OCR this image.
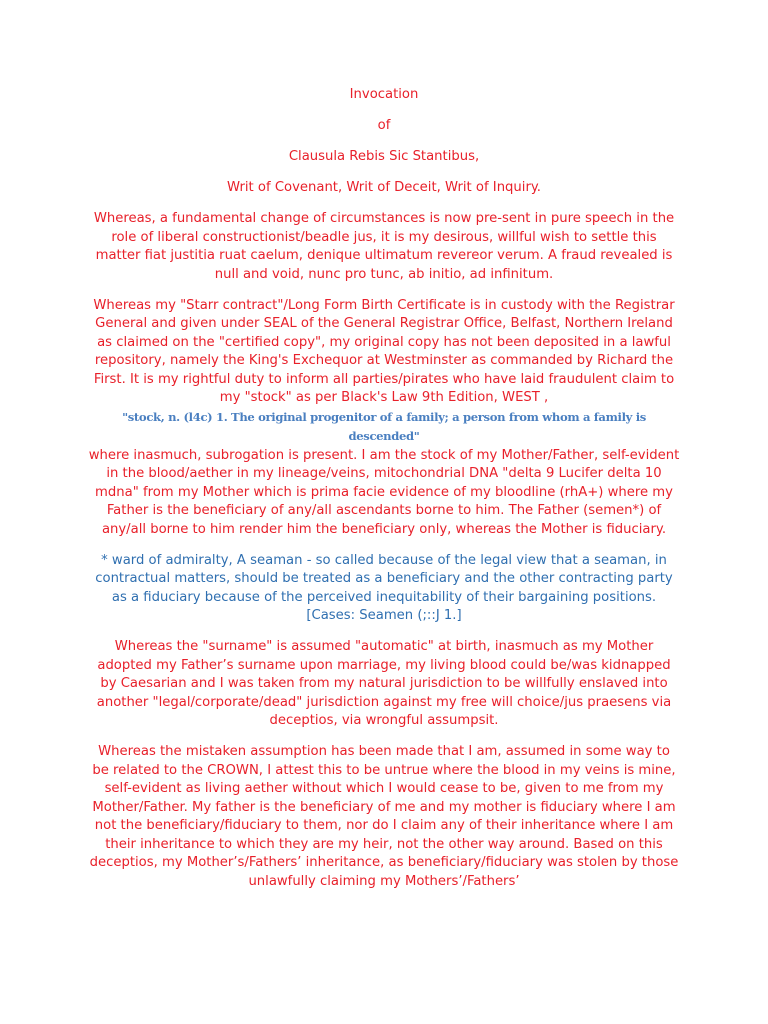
Invocation
of
Clausula Rebis Sic Stantibus,
Writ of Covenant, Writ of Deceit, Writ of Inquiry.
Whereas, a fundamental change of circumstances is now pre-sent in pure speech in the role of liberal constructionist/beadle jus, it is my desirous, willful wish to settle this matter fiat justitia ruat caelum, denique ultimatum revereor verum. A fraud revealed is null and void, nunc pro tunc, ab initio, ad infinitum.
Whereas my "Starr contract"/Long Form Birth Certificate is in custody with the Registrar General and given under SEAL of the General Registrar Office, Belfast, Northern Ireland as claimed on the "certified copy", my original copy has not been deposited in a lawful repository, namely the King's Exchequor at Westminster as commanded by Richard the First. It is my rightful duty to inform all parties/pirates who have laid fraudulent claim to my "stock" as per Black's Law 9th Edition, WEST ,
"stock, n. (l4c) 1. The original progenitor of a family; a person from whom a family is descended"
where inasmuch, subrogation is present. I am the stock of my Mother/Father, self-evident in the blood/aether in my lineage/veins, mitochondrial DNA "delta 9 Lucifer delta 10 mdna" from my Mother which is prima facie evidence of my bloodline (rhA+) where my Father is the beneficiary of any/all ascendants borne to him. The Father (semen*) of any/all borne to him render him the beneficiary only, whereas the Mother is fiduciary.
* ward of admiralty, A seaman - so called because of the legal view that a seaman, in contractual matters, should be treated as a beneficiary and the other contracting party as a fiduciary because of the perceived inequitability of their bargaining positions. [Cases: Seamen (;::J 1.]
Whereas the "surname" is assumed "automatic" at birth, inasmuch as my Mother adopted my Father’s surname upon marriage, my living blood could be/was kidnapped by Caesarian and I was taken from my natural jurisdiction to be willfully enslaved into another "legal/corporate/dead" jurisdiction against my free will choice/jus praesens via deceptios, via wrongful assumpsit.
Whereas the mistaken assumption has been made that I am, assumed in some way to be related to the CROWN, I attest this to be untrue where the blood in my veins is mine, self-evident as living aether without which I would cease to be, given to me from my Mother/Father. My father is the beneficiary of me and my mother is fiduciary where I am not the beneficiary/fiduciary to them, nor do I claim any of their inheritance where I am their inheritance to which they are my heir, not the other way around. Based on this deceptios, my Mother’s/Fathers’ inheritance, as beneficiary/fiduciary was stolen by those unlawfully claiming my Mothers’/Fathers’
